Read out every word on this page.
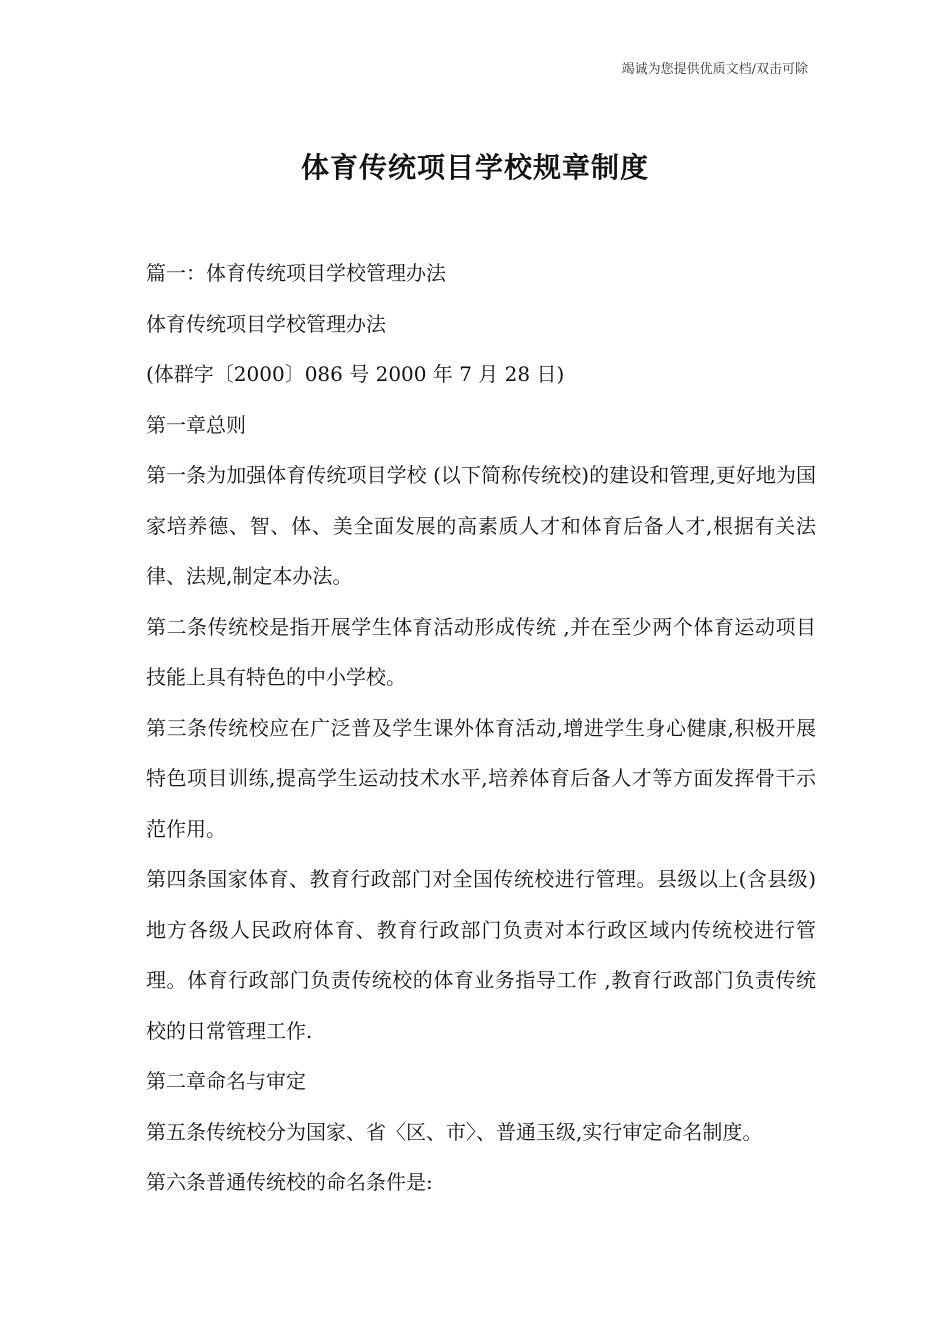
竭诚为您提供优质文档/双击可除
体育传统项目学校规章制度

篇一：体育传统项目学校管理办法

体育传统项目学校管理办法

(体群字〔2000〕086 号 2000 年 7 月 28 日)

第一章总则

第一条为加强体育传统项目学校 (以下简称传统校)的建设和管理,更好地为国家培养德、智、体、美全面发展的高素质人才和体育后备人才,根据有关法律、法规,制定本办法。

第二条传统校是指开展学生体育活动形成传统 ,并在至少两个体育运动项目技能上具有特色的中小学校。

第三条传统校应在广泛普及学生课外体育活动,增进学生身心健康,积极开展特色项目训练,提高学生运动技术水平,培养体育后备人才等方面发挥骨干示范作用。

第四条国家体育、教育行政部门对全国传统校进行管理。县级以上(含县级)地方各级人民政府体育、教育行政部门负责对本行政区域内传统校进行管理。体育行政部门负责传统校的体育业务指导工作 ,教育行政部门负责传统校的日常管理工作.

第二章命名与审定

第五条传统校分为国家、省〈区、市〉、普通玉级,实行审定命名制度。

第六条普通传统校的命名条件是:
